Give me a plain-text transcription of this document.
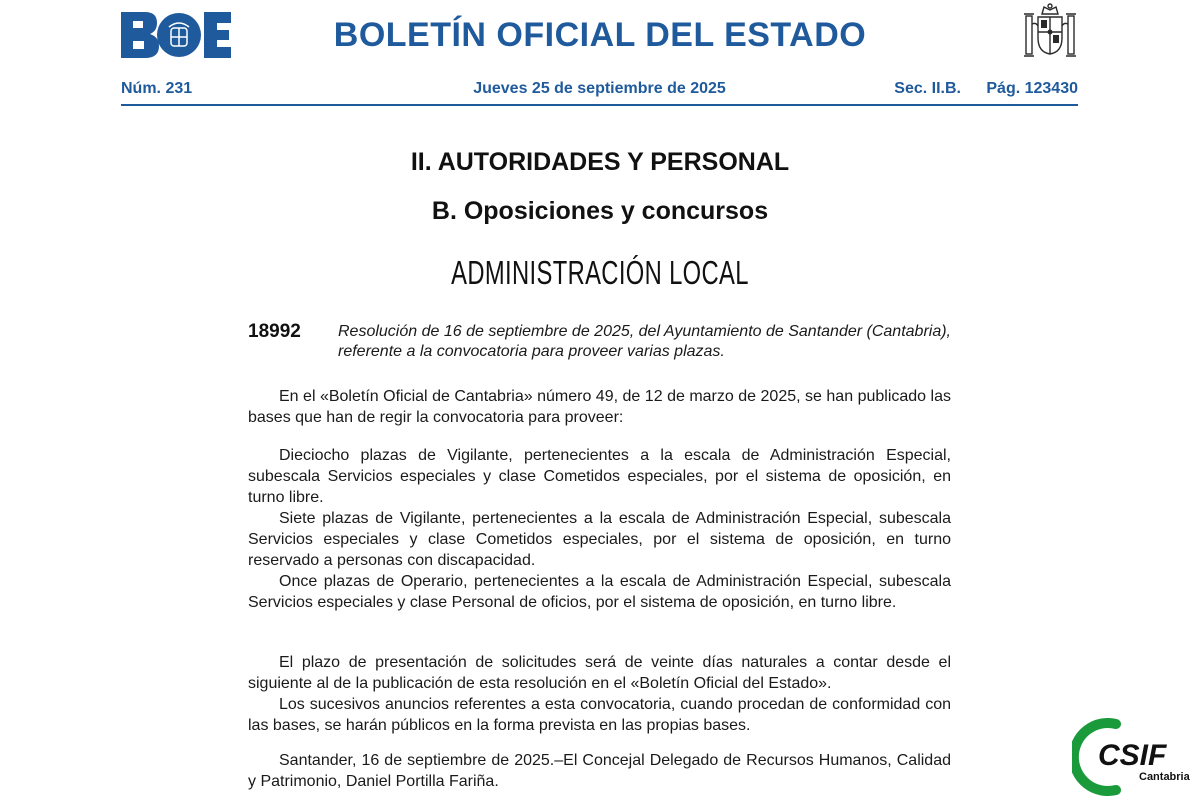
BOLETÍN OFICIAL DEL ESTADO
Núm. 231	Jueves 25 de septiembre de 2025	Sec. II.B. Pág. 123430
II. AUTORIDADES Y PERSONAL
B. Oposiciones y concursos
ADMINISTRACIÓN LOCAL
18992 Resolución de 16 de septiembre de 2025, del Ayuntamiento de Santander (Cantabria), referente a la convocatoria para proveer varias plazas.

En el «Boletín Oficial de Cantabria» número 49, de 12 de marzo de 2025, se han publicado las bases que han de regir la convocatoria para proveer:

Dieciocho plazas de Vigilante, pertenecientes a la escala de Administración Especial, subescala Servicios especiales y clase Cometidos especiales, por el sistema de oposición, en turno libre.

Siete plazas de Vigilante, pertenecientes a la escala de Administración Especial, subescala Servicios especiales y clase Cometidos especiales, por el sistema de oposición, en turno reservado a personas con discapacidad.

Once plazas de Operario, pertenecientes a la escala de Administración Especial, subescala Servicios especiales y clase Personal de oficios, por el sistema de oposición, en turno libre.

El plazo de presentación de solicitudes será de veinte días naturales a contar desde el siguiente al de la publicación de esta resolución en el «Boletín Oficial del Estado».

Los sucesivos anuncios referentes a esta convocatoria, cuando procedan de conformidad con las bases, se harán públicos en la forma prevista en las propias bases.

Santander, 16 de septiembre de 2025.–El Concejal Delegado de Recursos Humanos, Calidad y Patrimonio, Daniel Portilla Fariña.

CSIF
Cantabria
